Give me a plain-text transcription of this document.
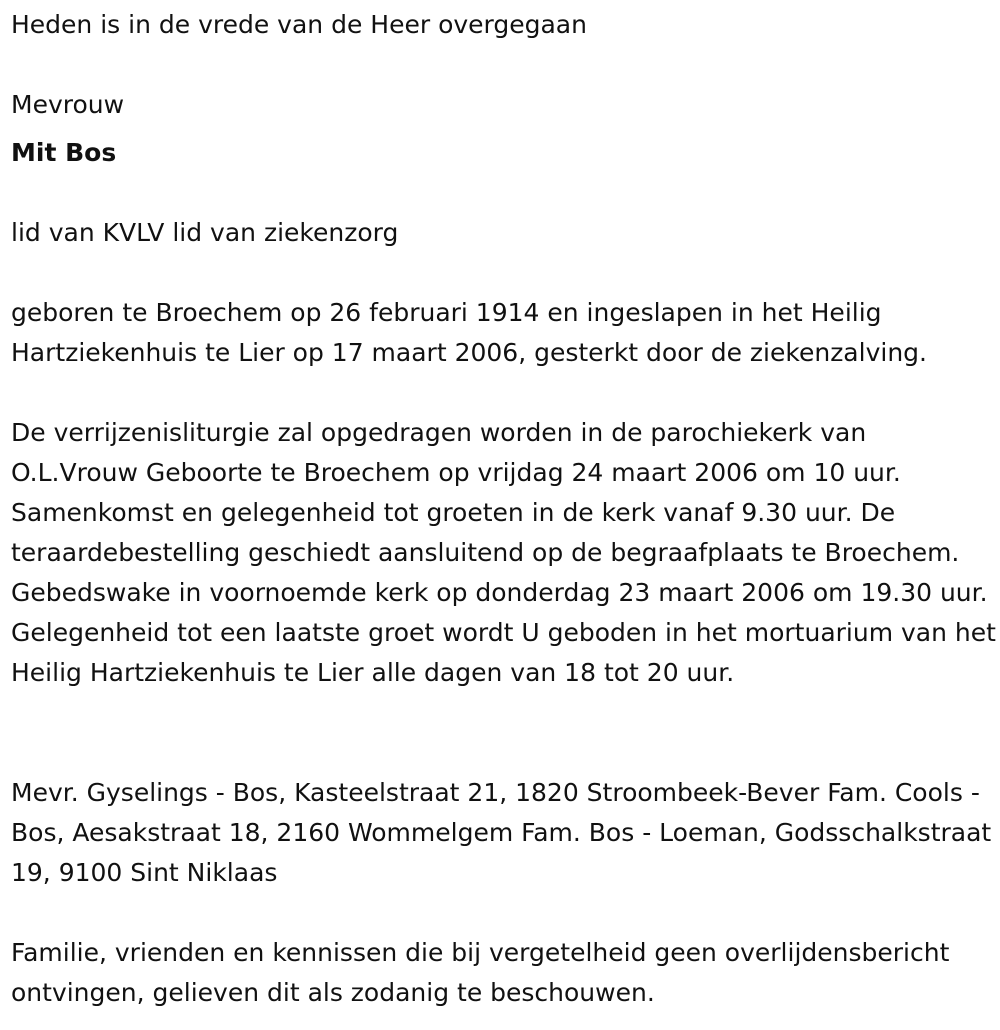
Heden is in de vrede van de Heer overgegaan

Mevrouw

Mit Bos

lid van KVLV lid van ziekenzorg

geboren te Broechem op 26 februari 1914 en ingeslapen in het Heilig Hartziekenhuis te Lier op 17 maart 2006, gesterkt door de ziekenzalving.

De verrijzenisliturgie zal opgedragen worden in de parochiekerk van O.L.Vrouw Geboorte te Broechem op vrijdag 24 maart 2006 om 10 uur. Samenkomst en gelegenheid tot groeten in de kerk vanaf 9.30 uur. De teraardebestelling geschiedt aansluitend op de begraafplaats te Broechem. Gebedswake in voornoemde kerk op donderdag 23 maart 2006 om 19.30 uur. Gelegenheid tot een laatste groet wordt U geboden in het mortuarium van het Heilig Hartziekenhuis te Lier alle dagen van 18 tot 20 uur.

Mevr. Gyselings - Bos, Kasteelstraat 21, 1820 Stroombeek-Bever Fam. Cools - Bos, Aesakstraat 18, 2160 Wommelgem Fam. Bos - Loeman, Godsschalkstraat 19, 9100 Sint Niklaas

Familie, vrienden en kennissen die bij vergetelheid geen overlijdensbericht ontvingen, gelieven dit als zodanig te beschouwen.
